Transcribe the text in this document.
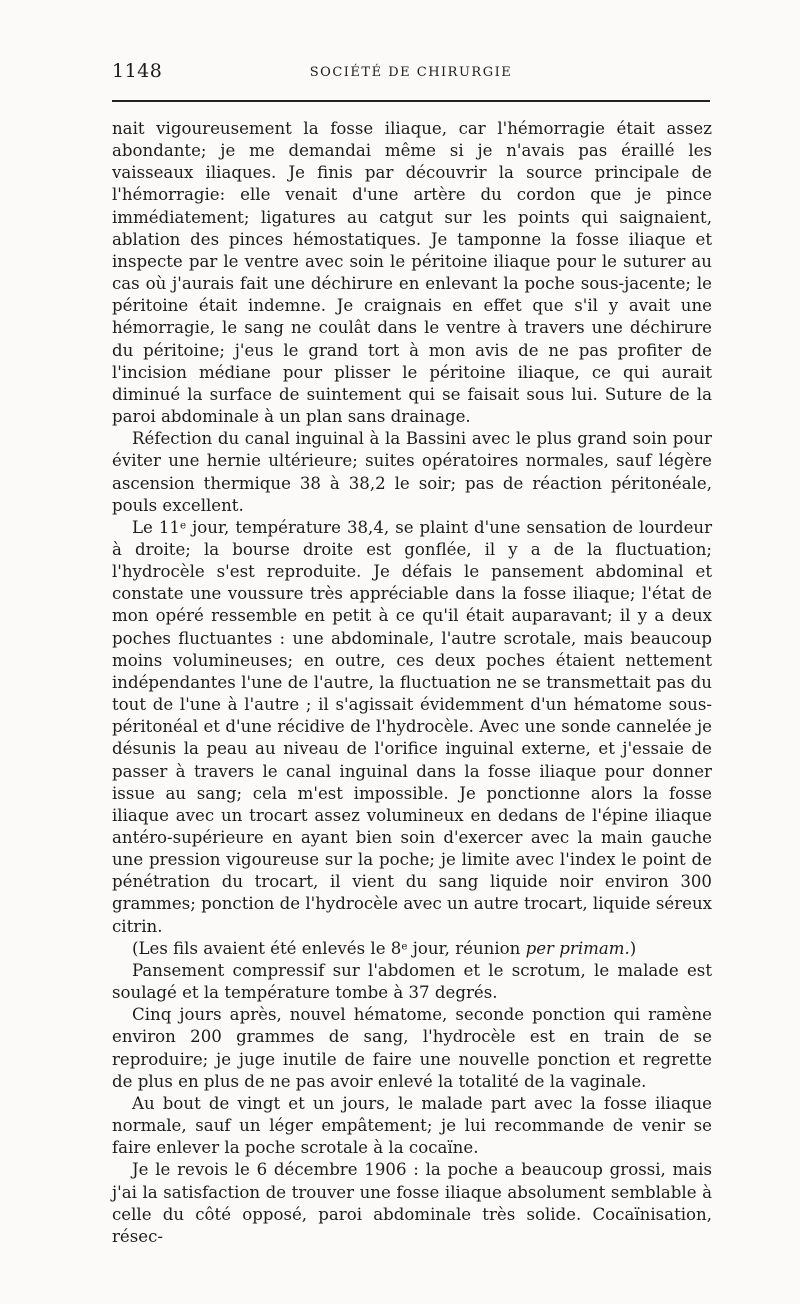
1148	SOCIÉTÉ DE CHIRURGIE

nait vigoureusement la fosse iliaque, car l'hémorragie était assez abondante; je me demandai même si je n'avais pas éraillé les vaisseaux iliaques. Je finis par découvrir la source principale de l'hémorragie: elle venait d'une artère du cordon que je pince immédiatement; ligatures au catgut sur les points qui saignaient, ablation des pinces hémostatiques. Je tamponne la fosse iliaque et inspecte par le ventre avec soin le péritoine iliaque pour le suturer au cas où j'aurais fait une déchirure en enlevant la poche sous-jacente; le péritoine était indemne. Je craignais en effet que s'il y avait une hémorragie, le sang ne coulât dans le ventre à travers une déchirure du péritoine; j'eus le grand tort à mon avis de ne pas profiter de l'incision médiane pour plisser le péritoine iliaque, ce qui aurait diminué la surface de suintement qui se faisait sous lui. Suture de la paroi abdominale à un plan sans drainage.

Réfection du canal inguinal à la Bassini avec le plus grand soin pour éviter une hernie ultérieure; suites opératoires normales, sauf légère ascension thermique 38 à 38,2 le soir; pas de réaction péritonéale, pouls excellent.

Le 11e jour, température 38,4, se plaint d'une sensation de lourdeur à droite; la bourse droite est gonflée, il y a de la fluctuation; l'hydrocèle s'est reproduite. Je défais le pansement abdominal et constate une voussure très appréciable dans la fosse iliaque; l'état de mon opéré ressemble en petit à ce qu'il était auparavant; il y a deux poches fluctuantes : une abdominale, l'autre scrotale, mais beaucoup moins volumineuses; en outre, ces deux poches étaient nettement indépendantes l'une de l'autre, la fluctuation ne se transmettait pas du tout de l'une à l'autre ; il s'agissait évidemment d'un hématome sous-péritonéal et d'une récidive de l'hydrocèle. Avec une sonde cannelée je désunis la peau au niveau de l'orifice inguinal externe, et j'essaie de passer à travers le canal inguinal dans la fosse iliaque pour donner issue au sang; cela m'est impossible. Je ponctionne alors la fosse iliaque avec un trocart assez volumineux en dedans de l'épine iliaque antéro-supérieure en ayant bien soin d'exercer avec la main gauche une pression vigoureuse sur la poche; je limite avec l'index le point de pénétration du trocart, il vient du sang liquide noir environ 300 grammes; ponction de l'hydrocèle avec un autre trocart, liquide séreux citrin.

(Les fils avaient été enlevés le 8e jour, réunion per primam.)

Pansement compressif sur l'abdomen et le scrotum, le malade est soulagé et la température tombe à 37 degrés.

Cinq jours après, nouvel hématome, seconde ponction qui ramène environ 200 grammes de sang, l'hydrocèle est en train de se reproduire; je juge inutile de faire une nouvelle ponction et regrette de plus en plus de ne pas avoir enlevé la totalité de la vaginale.

Au bout de vingt et un jours, le malade part avec la fosse iliaque normale, sauf un léger empâtement; je lui recommande de venir se faire enlever la poche scrotale à la cocaïne.

Je le revois le 6 décembre 1906 : la poche a beaucoup grossi, mais j'ai la satisfaction de trouver une fosse iliaque absolument semblable à celle du côté opposé, paroi abdominale très solide. Cocaïnisation, résec-
